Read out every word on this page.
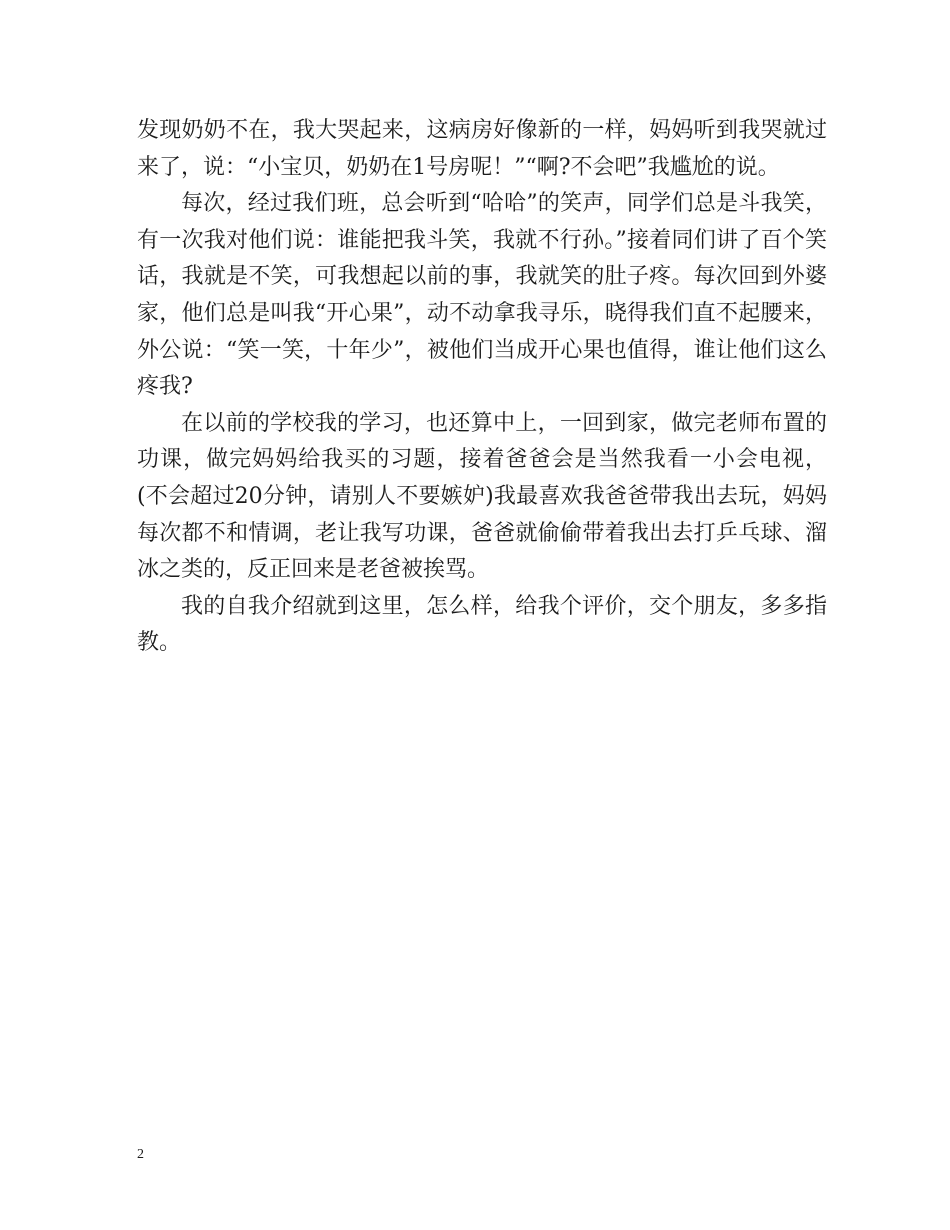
发现奶奶不在，我大哭起来，这病房好像新的一样，妈妈听到我哭就过来了，说：“小宝贝，奶奶在1号房呢！”“啊?不会吧”我尴尬的说。

每次，经过我们班，总会听到“哈哈”的笑声，同学们总是斗我笑，有一次我对他们说：谁能把我斗笑，我就不行孙。”接着同们讲了百个笑话，我就是不笑，可我想起以前的事，我就笑的肚子疼。每次回到外婆家，他们总是叫我“开心果”，动不动拿我寻乐，晓得我们直不起腰来，外公说：“笑一笑，十年少”，被他们当成开心果也值得，谁让他们这么疼我?

在以前的学校我的学习，也还算中上，一回到家，做完老师布置的功课，做完妈妈给我买的习题，接着爸爸会是当然我看一小会电视，(不会超过20分钟，请别人不要嫉妒)我最喜欢我爸爸带我出去玩，妈妈每次都不和情调，老让我写功课，爸爸就偷偷带着我出去打乒乓球、溜冰之类的，反正回来是老爸被挨骂。

我的自我介绍就到这里，怎么样，给我个评价，交个朋友，多多指教。

2
